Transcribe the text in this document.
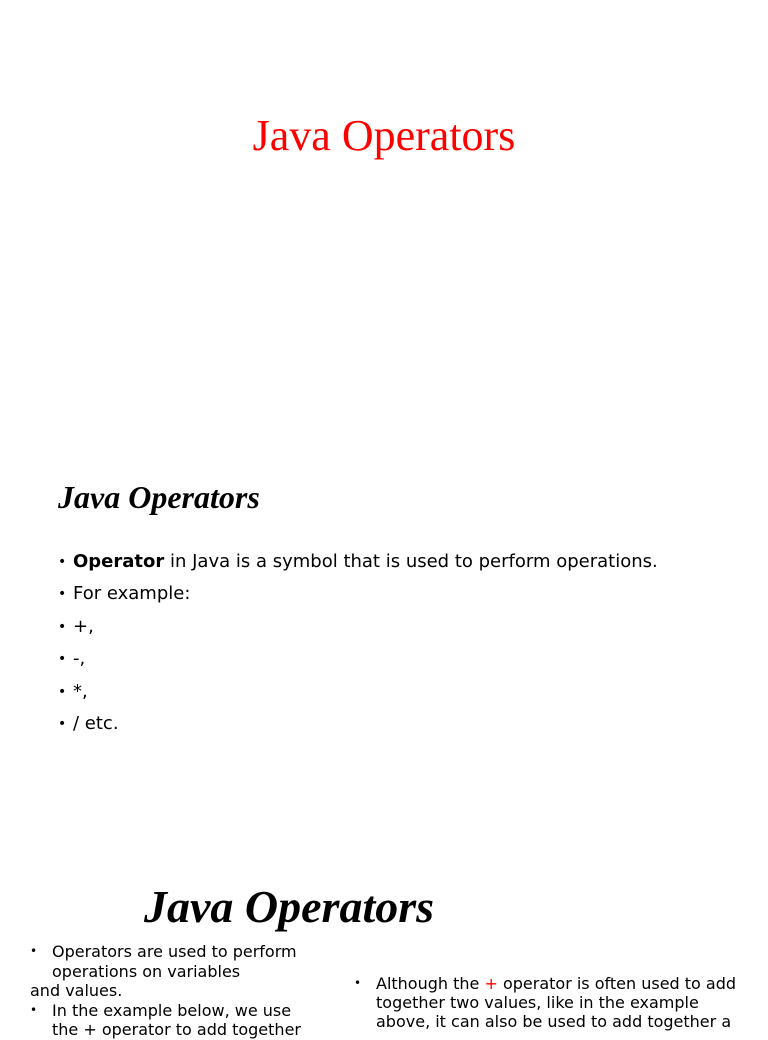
Java Operators
Java Operators
• Operator in Java is a symbol that is used to perform operations.
• For example:
• +,
• -,
• *,
• / etc.
Java Operators
• Operators are used to perform
operations on variables
and values.
• In the example below, we use
the + operator to add together
• Although the + operator is often used to add
together two values, like in the example
above, it can also be used to add together a
